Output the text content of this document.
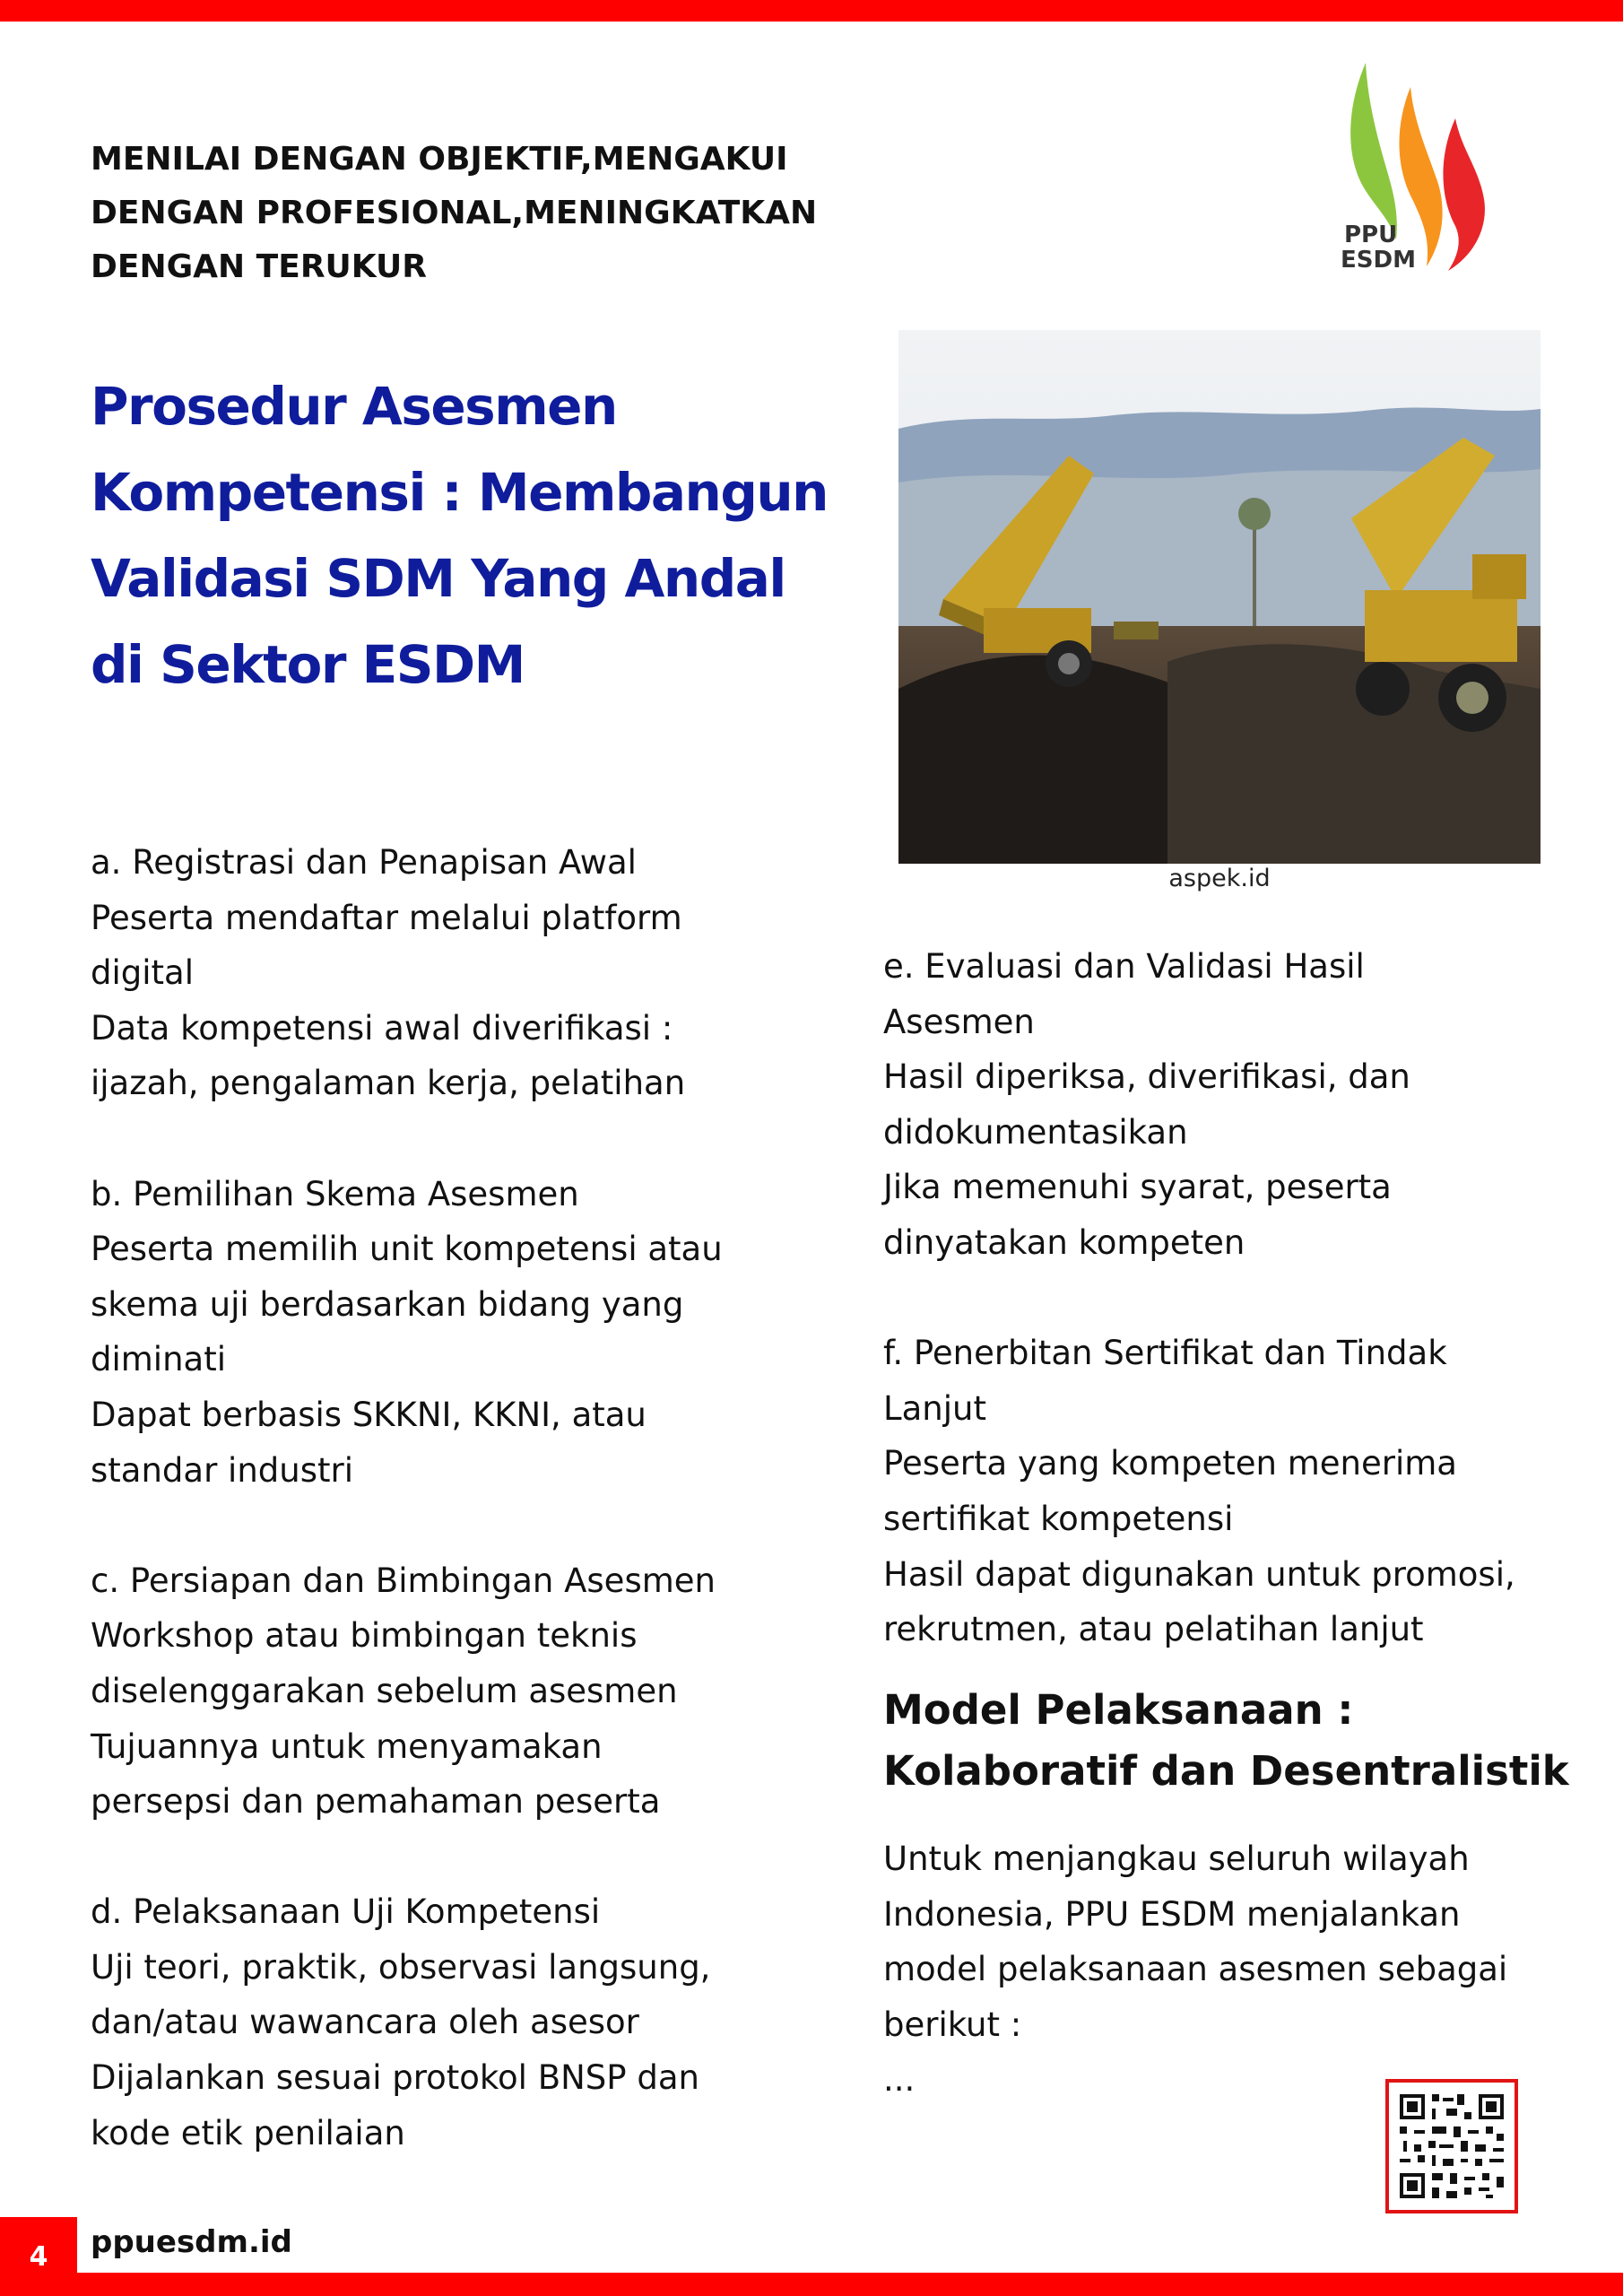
MENILAI DENGAN OBJEKTIF,MENGAKUI
DENGAN PROFESIONAL,MENINGKATKAN
DENGAN TERUKUR
PPU
ESDM
Prosedur Asesmen
Kompetensi : Membangun
Validasi SDM Yang Andal
di Sektor ESDM
aspek.id
a. Registrasi dan Penapisan Awal
Peserta mendaftar melalui platform
digital
Data kompetensi awal diverifikasi :
ijazah, pengalaman kerja, pelatihan
b. Pemilihan Skema Asesmen
Peserta memilih unit kompetensi atau
skema uji berdasarkan bidang yang
diminati
Dapat berbasis SKKNI, KKNI, atau
standar industri
c. Persiapan dan Bimbingan Asesmen
Workshop atau bimbingan teknis
diselenggarakan sebelum asesmen
Tujuannya untuk menyamakan
persepsi dan pemahaman peserta
d. Pelaksanaan Uji Kompetensi
Uji teori, praktik, observasi langsung,
dan/atau wawancara oleh asesor
Dijalankan sesuai protokol BNSP dan
kode etik penilaian
e. Evaluasi dan Validasi Hasil
Asesmen
Hasil diperiksa, diverifikasi, dan
didokumentasikan
Jika memenuhi syarat, peserta
dinyatakan kompeten
f. Penerbitan Sertifikat dan Tindak
Lanjut
Peserta yang kompeten menerima
sertifikat kompetensi
Hasil dapat digunakan untuk promosi,
rekrutmen, atau pelatihan lanjut
Model Pelaksanaan :
Kolaboratif dan Desentralistik
Untuk menjangkau seluruh wilayah
Indonesia, PPU ESDM menjalankan
model pelaksanaan asesmen sebagai
berikut :
...
4	ppuesdm.id
